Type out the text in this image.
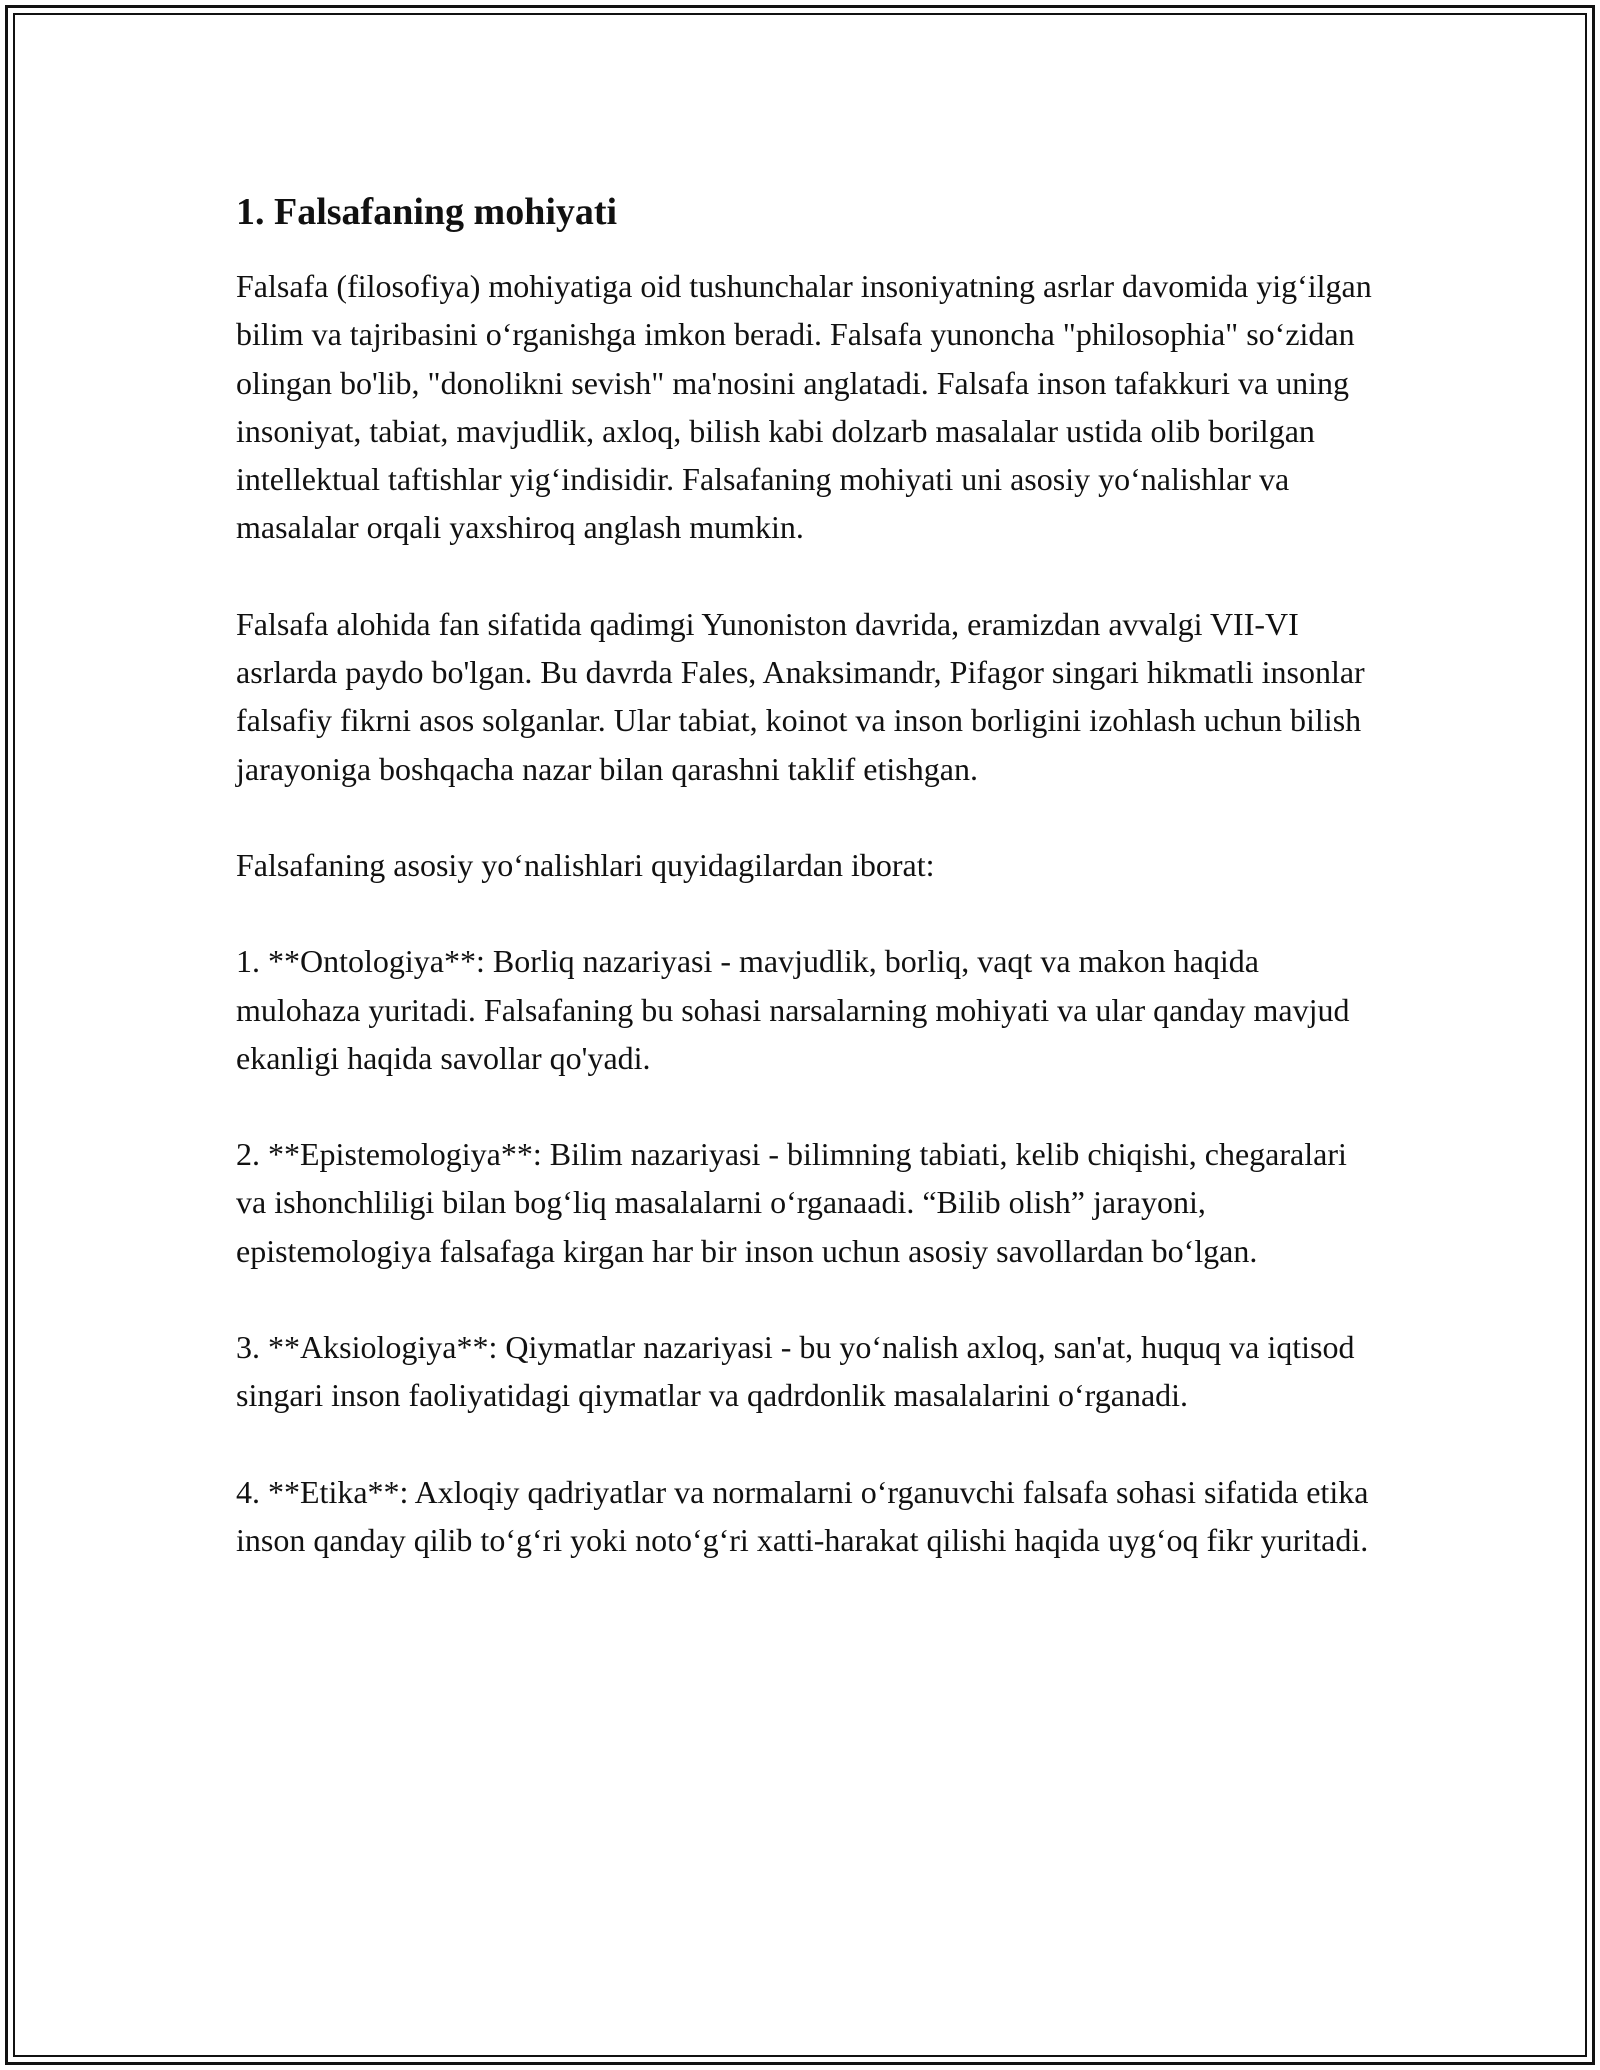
1. Falsafaning mohiyati

Falsafa (filosofiya) mohiyatiga oid tushunchalar insoniyatning asrlar davomida yig‘ilgan bilim va tajribasini o‘rganishga imkon beradi. Falsafa yunoncha "philosophia" so‘zidan olingan bo'lib, "donolikni sevish" ma'nosini anglatadi. Falsafa inson tafakkuri va uning insoniyat, tabiat, mavjudlik, axloq, bilish kabi dolzarb masalalar ustida olib borilgan intellektual taftishlar yig‘indisidir. Falsafaning mohiyati uni asosiy yo‘nalishlar va masalalar orqali yaxshiroq anglash mumkin.

Falsafa alohida fan sifatida qadimgi Yunoniston davrida, eramizdan avvalgi VII-VI asrlarda paydo bo'lgan. Bu davrda Fales, Anaksimandr, Pifagor singari hikmatli insonlar falsafiy fikrni asos solganlar. Ular tabiat, koinot va inson borligini izohlash uchun bilish jarayoniga boshqacha nazar bilan qarashni taklif etishgan.

Falsafaning asosiy yo‘nalishlari quyidagilardan iborat:

1. **Ontologiya**: Borliq nazariyasi - mavjudlik, borliq, vaqt va makon haqida mulohaza yuritadi. Falsafaning bu sohasi narsalarning mohiyati va ular qanday mavjud ekanligi haqida savollar qo'yadi.

2. **Epistemologiya**: Bilim nazariyasi - bilimning tabiati, kelib chiqishi, chegaralari va ishonchliligi bilan bog‘liq masalalarni o‘rganaadi. “Bilib olish” jarayoni, epistemologiya falsafaga kirgan har bir inson uchun asosiy savollardan bo‘lgan.

3. **Aksiologiya**: Qiymatlar nazariyasi - bu yo‘nalish axloq, san'at, huquq va iqtisod singari inson faoliyatidagi qiymatlar va qadrdonlik masalalarini o‘rganadi.

4. **Etika**: Axloqiy qadriyatlar va normalarni o‘rganuvchi falsafa sohasi sifatida etika inson qanday qilib to‘g‘ri yoki noto‘g‘ri xatti-harakat qilishi haqida uyg‘oq fikr yuritadi.
